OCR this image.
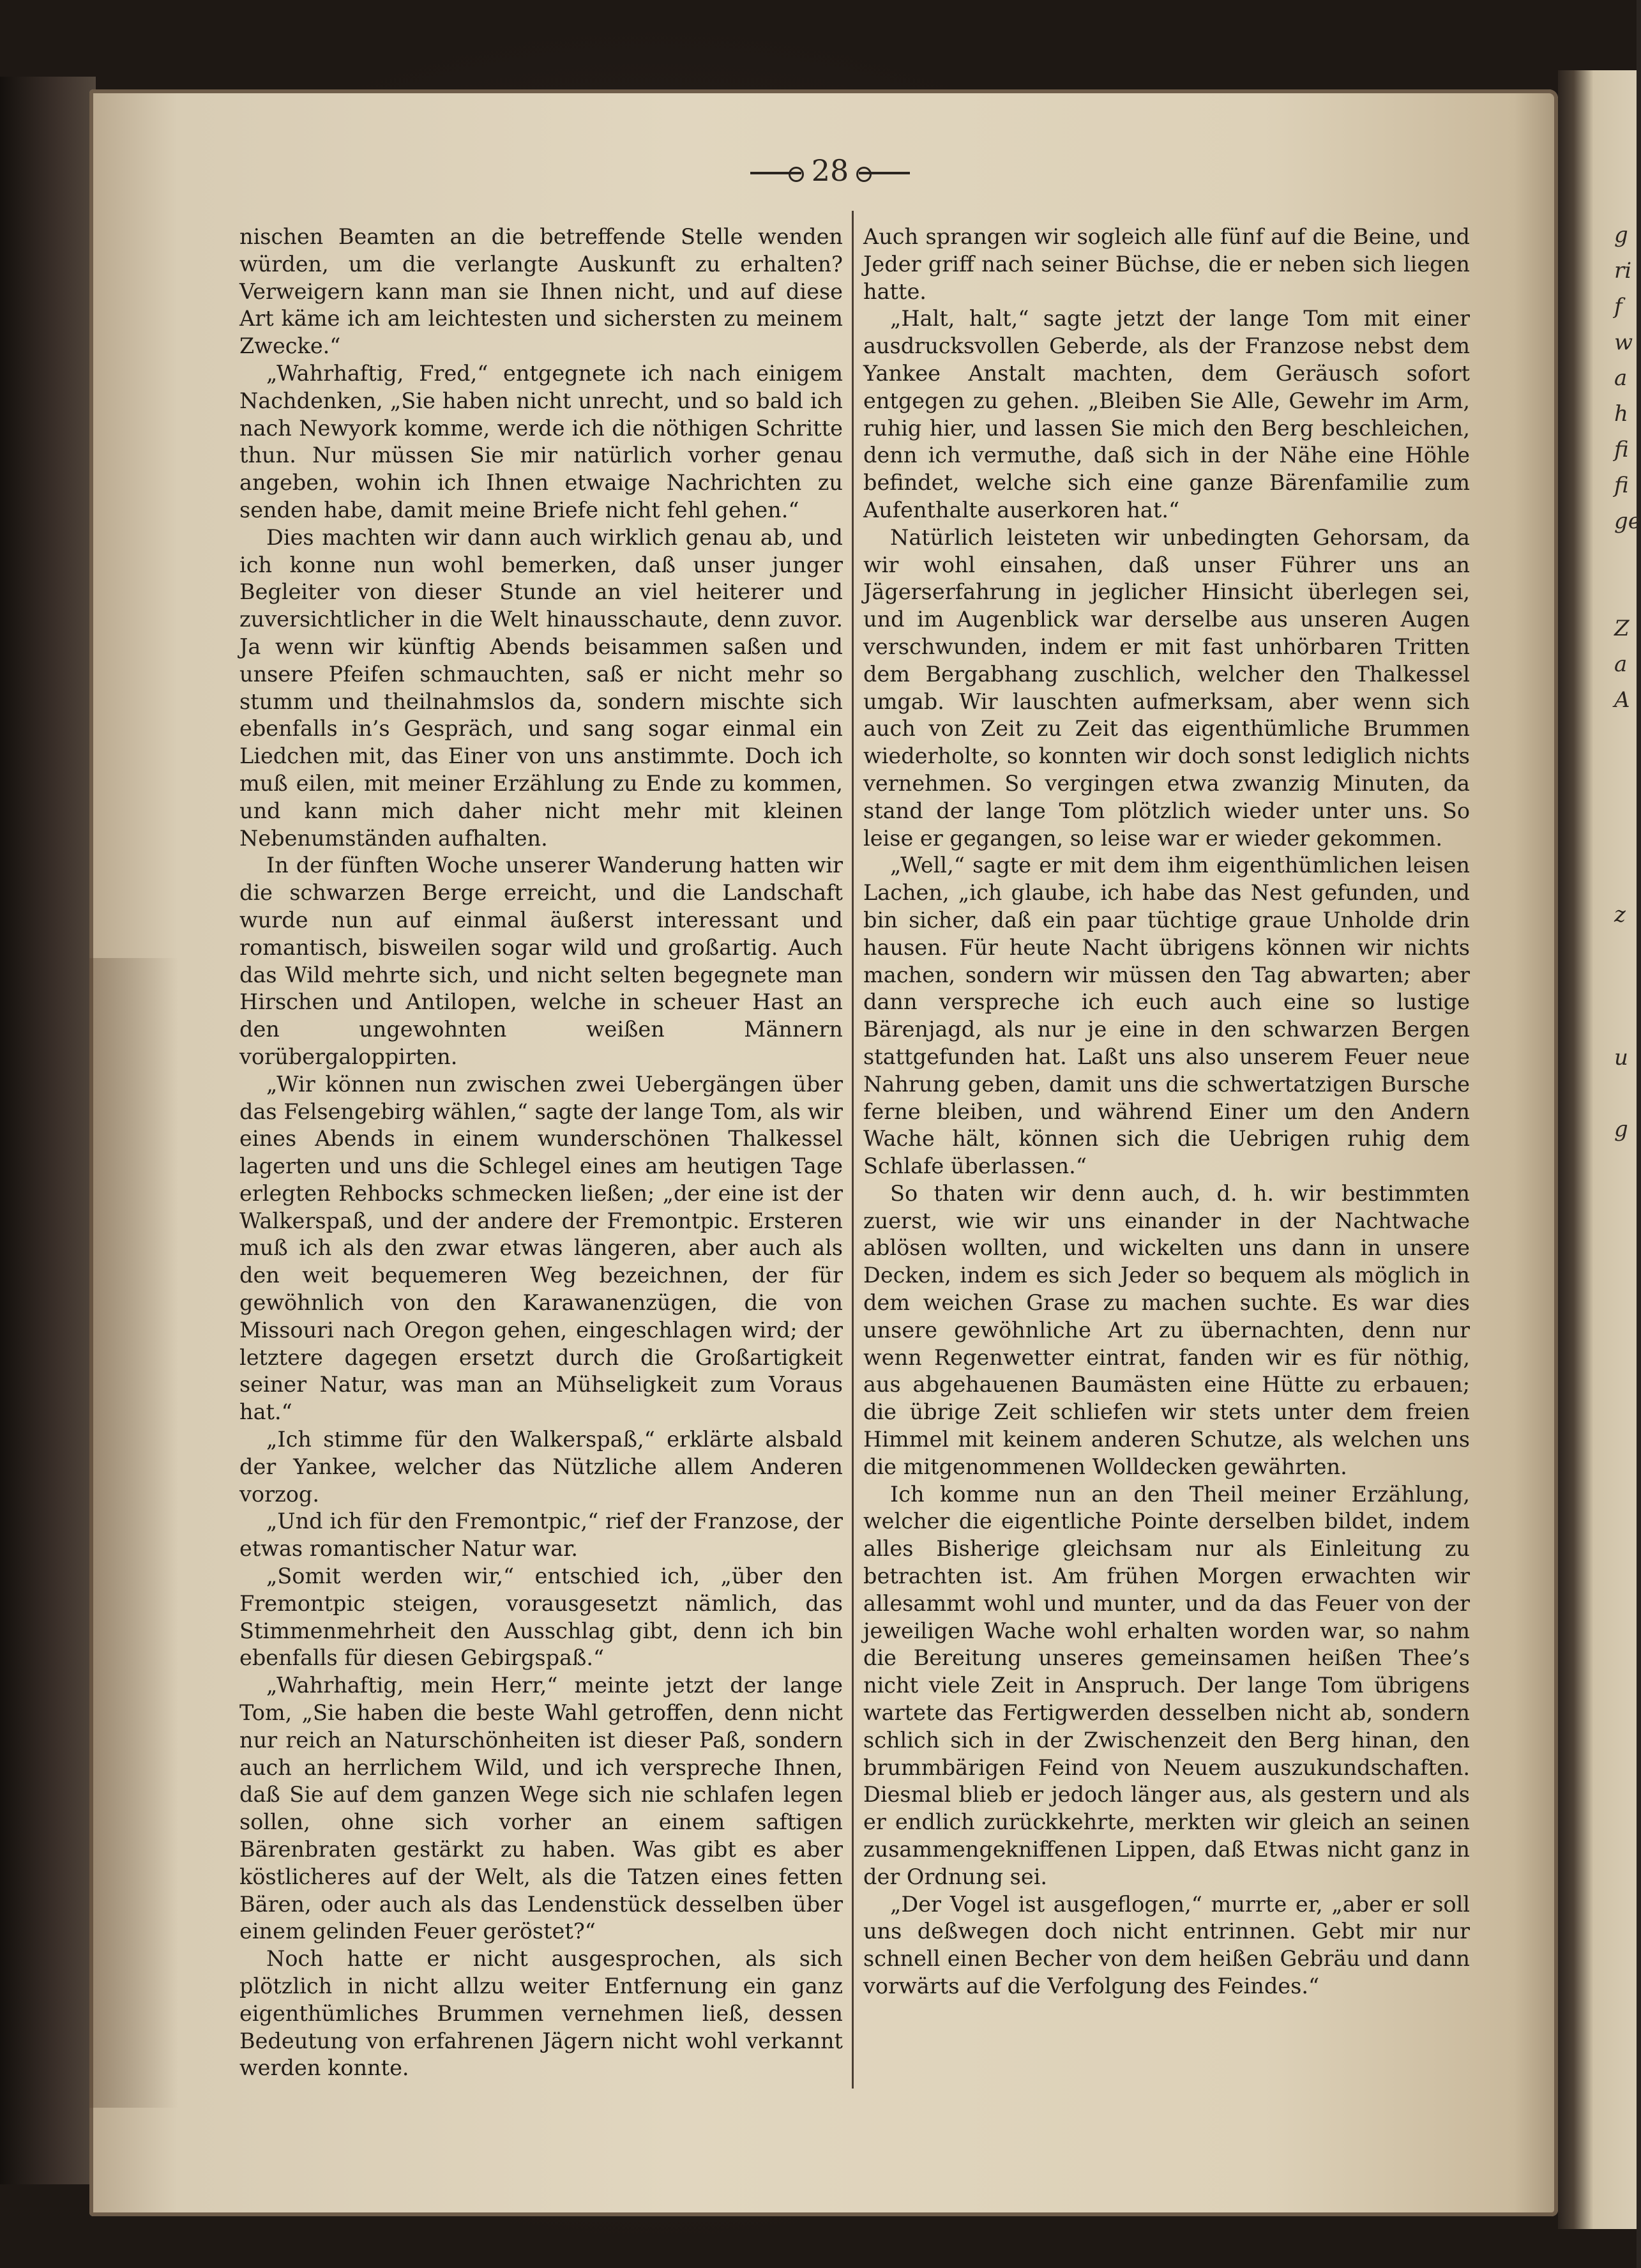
g
ri
f
w
a
h
fi
fi
ge
Z
a
A
z
u
g
28

nischen Beamten an die betreffende Stelle wenden würden, um die verlangte Auskunft zu erhalten? Verweigern kann man sie Ihnen nicht, und auf diese Art käme ich am leichtesten und sichersten zu meinem Zwecke.“

„Wahrhaftig, Fred,“ entgegnete ich nach einigem Nachdenken, „Sie haben nicht unrecht, und so bald ich nach Newyork komme, werde ich die nöthigen Schritte thun. Nur müssen Sie mir natürlich vorher genau angeben, wohin ich Ihnen etwaige Nachrichten zu senden habe, damit meine Briefe nicht fehl gehen.“

Dies machten wir dann auch wirklich genau ab, und ich konne nun wohl bemerken, daß unser junger Begleiter von dieser Stunde an viel heiterer und zuversichtlicher in die Welt hinausschaute, denn zuvor. Ja wenn wir künftig Abends beisammen saßen und unsere Pfeifen schmauchten, saß er nicht mehr so stumm und theilnahmslos da, sondern mischte sich ebenfalls in’s Gespräch, und sang sogar einmal ein Liedchen mit, das Einer von uns anstimmte. Doch ich muß eilen, mit meiner Erzählung zu Ende zu kommen, und kann mich daher nicht mehr mit kleinen Nebenumständen aufhalten.

In der fünften Woche unserer Wanderung hatten wir die schwarzen Berge erreicht, und die Landschaft wurde nun auf einmal äußerst interessant und romantisch, bisweilen sogar wild und großartig. Auch das Wild mehrte sich, und nicht selten begegnete man Hirschen und Antilopen, welche in scheuer Hast an den ungewohnten weißen Männern vorübergaloppirten.

„Wir können nun zwischen zwei Uebergängen über das Felsengebirg wählen,“ sagte der lange Tom, als wir eines Abends in einem wunderschönen Thalkessel lagerten und uns die Schlegel eines am heutigen Tage erlegten Rehbocks schmecken ließen; „der eine ist der Walkerspaß, und der andere der Fremontpic. Ersteren muß ich als den zwar etwas längeren, aber auch als den weit bequemeren Weg bezeichnen, der für gewöhnlich von den Karawanenzügen, die von Missouri nach Oregon gehen, eingeschlagen wird; der letztere dagegen ersetzt durch die Großartigkeit seiner Natur, was man an Mühseligkeit zum Voraus hat.“

„Ich stimme für den Walkerspaß,“ erklärte alsbald der Yankee, welcher das Nützliche allem Anderen vorzog.

„Und ich für den Fremontpic,“ rief der Franzose, der etwas romantischer Natur war.

„Somit werden wir,“ entschied ich, „über den Fremontpic steigen, vorausgesetzt nämlich, das Stimmenmehrheit den Ausschlag gibt, denn ich bin ebenfalls für diesen Gebirgspaß.“

„Wahrhaftig, mein Herr,“ meinte jetzt der lange Tom, „Sie haben die beste Wahl getroffen, denn nicht nur reich an Naturschönheiten ist dieser Paß, sondern auch an herrlichem Wild, und ich verspreche Ihnen, daß Sie auf dem ganzen Wege sich nie schlafen legen sollen, ohne sich vorher an einem saftigen Bärenbraten gestärkt zu haben. Was gibt es aber köstlicheres auf der Welt, als die Tatzen eines fetten Bären, oder auch als das Lendenstück desselben über einem gelinden Feuer geröstet?“

Noch hatte er nicht ausgesprochen, als sich plötzlich in nicht allzu weiter Entfernung ein ganz eigenthümliches Brummen vernehmen ließ, dessen Bedeutung von erfahrenen Jägern nicht wohl verkannt werden konnte.

Auch sprangen wir sogleich alle fünf auf die Beine, und Jeder griff nach seiner Büchse, die er neben sich liegen hatte.

„Halt, halt,“ sagte jetzt der lange Tom mit einer ausdrucksvollen Geberde, als der Franzose nebst dem Yankee Anstalt machten, dem Geräusch sofort entgegen zu gehen. „Bleiben Sie Alle, Gewehr im Arm, ruhig hier, und lassen Sie mich den Berg beschleichen, denn ich vermuthe, daß sich in der Nähe eine Höhle befindet, welche sich eine ganze Bärenfamilie zum Aufenthalte auserkoren hat.“

Natürlich leisteten wir unbedingten Gehorsam, da wir wohl einsahen, daß unser Führer uns an Jägerserfahrung in jeglicher Hinsicht überlegen sei, und im Augenblick war derselbe aus unseren Augen verschwunden, indem er mit fast unhörbaren Tritten dem Bergabhang zuschlich, welcher den Thalkessel umgab. Wir lauschten aufmerksam, aber wenn sich auch von Zeit zu Zeit das eigenthümliche Brummen wiederholte, so konnten wir doch sonst lediglich nichts vernehmen. So vergingen etwa zwanzig Minuten, da stand der lange Tom plötzlich wieder unter uns. So leise er gegangen, so leise war er wieder gekommen.

„Well,“ sagte er mit dem ihm eigenthümlichen leisen Lachen, „ich glaube, ich habe das Nest gefunden, und bin sicher, daß ein paar tüchtige graue Unholde drin hausen. Für heute Nacht übrigens können wir nichts machen, sondern wir müssen den Tag abwarten; aber dann verspreche ich euch auch eine so lustige Bärenjagd, als nur je eine in den schwarzen Bergen stattgefunden hat. Laßt uns also unserem Feuer neue Nahrung geben, damit uns die schwertatzigen Bursche ferne bleiben, und während Einer um den Andern Wache hält, können sich die Uebrigen ruhig dem Schlafe überlassen.“

So thaten wir denn auch, d. h. wir bestimmten zuerst, wie wir uns einander in der Nachtwache ablösen wollten, und wickelten uns dann in unsere Decken, indem es sich Jeder so bequem als möglich in dem weichen Grase zu machen suchte. Es war dies unsere gewöhnliche Art zu übernachten, denn nur wenn Regenwetter eintrat, fanden wir es für nöthig, aus abgehauenen Baumästen eine Hütte zu erbauen; die übrige Zeit schliefen wir stets unter dem freien Himmel mit keinem anderen Schutze, als welchen uns die mitgenommenen Wolldecken gewährten.

Ich komme nun an den Theil meiner Erzählung, welcher die eigentliche Pointe derselben bildet, indem alles Bisherige gleichsam nur als Einleitung zu betrachten ist. Am frühen Morgen erwachten wir allesammt wohl und munter, und da das Feuer von der jeweiligen Wache wohl erhalten worden war, so nahm die Bereitung unseres gemeinsamen heißen Thee’s nicht viele Zeit in Anspruch. Der lange Tom übrigens wartete das Fertigwerden desselben nicht ab, sondern schlich sich in der Zwischenzeit den Berg hinan, den brummbärigen Feind von Neuem auszukundschaften. Diesmal blieb er jedoch länger aus, als gestern und als er endlich zurückkehrte, merkten wir gleich an seinen zusammengekniffenen Lippen, daß Etwas nicht ganz in der Ordnung sei.

„Der Vogel ist ausgeflogen,“ murrte er, „aber er soll uns deßwegen doch nicht entrinnen. Gebt mir nur schnell einen Becher von dem heißen Gebräu und dann vorwärts auf die Verfolgung des Feindes.“
